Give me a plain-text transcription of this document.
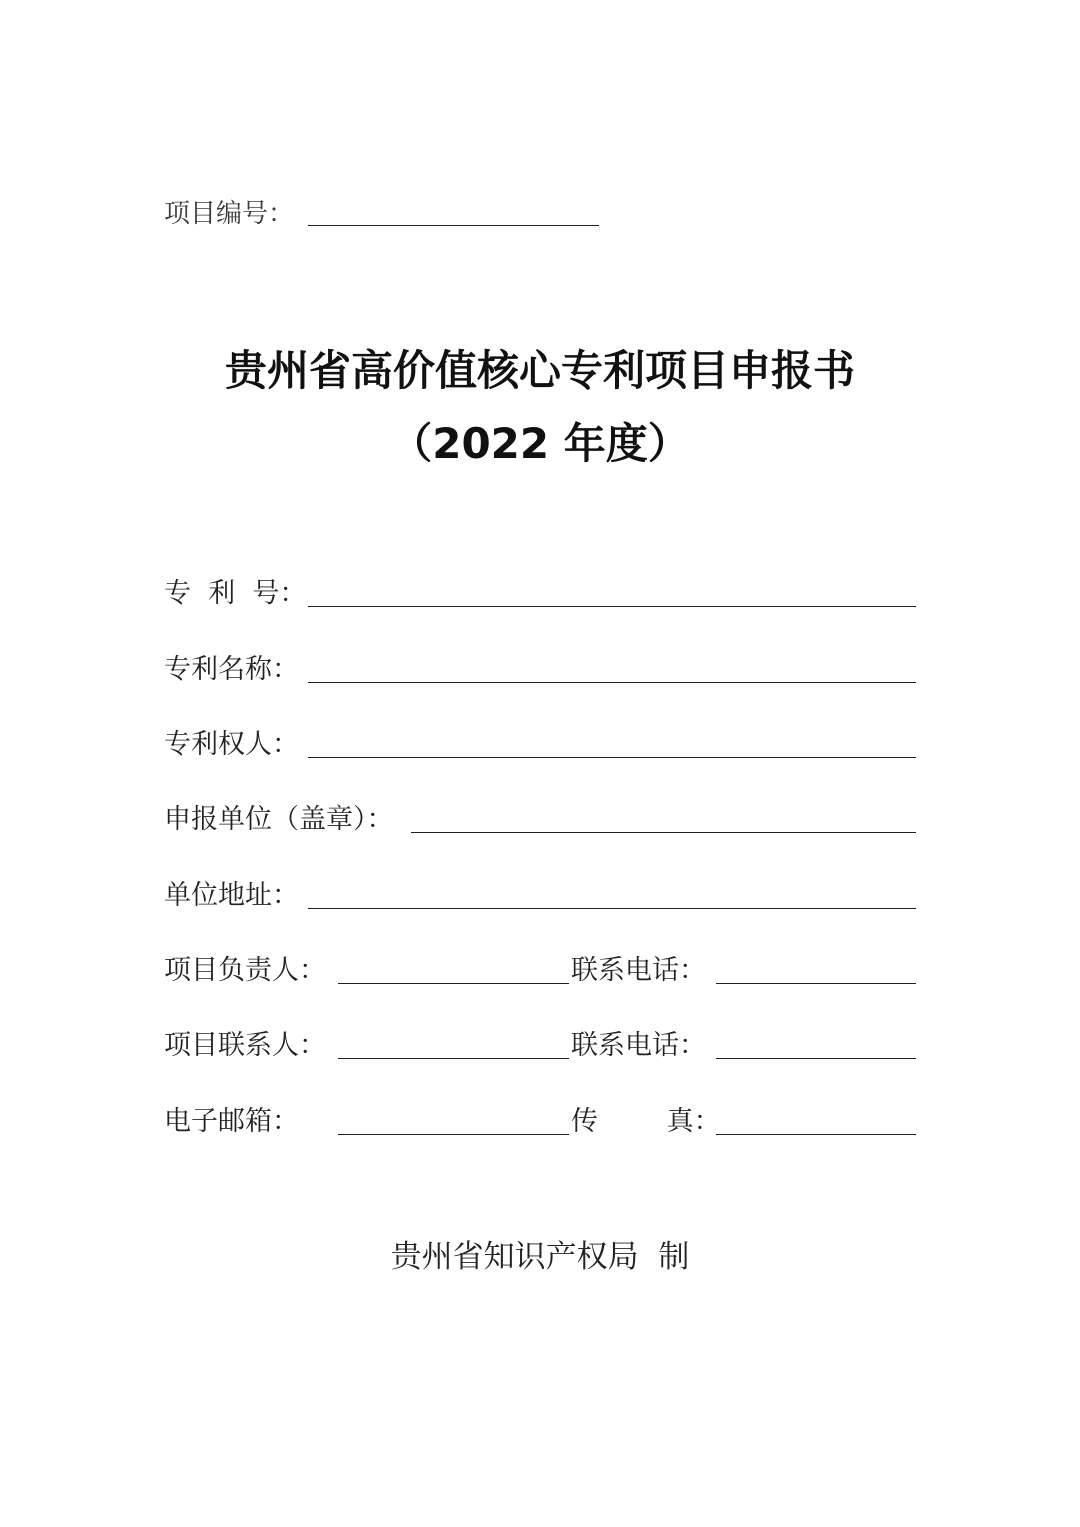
项目编号：
贵州省高价值核心专利项目申报书
（2022 年度）
专  利  号：
专利名称：
专利权人：
申报单位（盖章）：
单位地址：
项目负责人：	联系电话：
项目联系人：	联系电话：
电子邮箱：	传        真：
贵州省知识产权局  制
